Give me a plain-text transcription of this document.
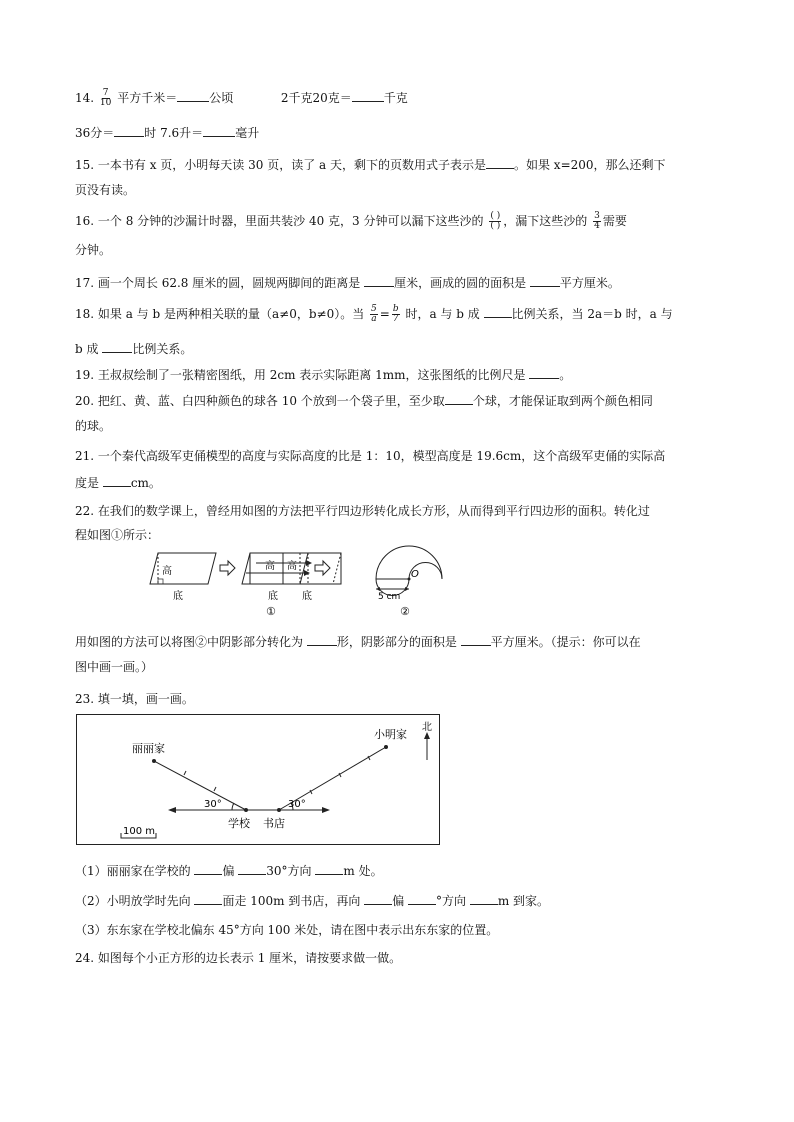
14. $\frac{7}{10}$ 平方千米＝	公顷	2千克20克＝	千克
36分＝	时 7.6升＝	毫升
15. 一本书有 x 页，小明每天读 30 页，读了 a 天，剩下的页数用式子表示是 。如果 x=200，那么还剩下
页没有读。
16. 一个 8 分钟的沙漏计时器，里面共装沙 40 克，3 分钟可以漏下这些沙的 $\frac{( )}{( )}$ ，漏下这些沙的 $\frac{3}{4}$ 需要
分钟。
17. 画一个周长 62.8 厘米的圆，圆规两脚间的距离是	厘米，画成的圆的面积是	平方厘米。
18. 如果 a 与 b 是两种相关联的量（a≠0，b≠0）。当 $\frac{5}{a} = \frac{b}{7}$ 时，a 与 b 成 比例关系，当 2a＝b 时，a 与
b 成	比例关系。
19. 王叔叔绘制了一张精密图纸，用 2cm 表示实际距离 1mm，这张图纸的比例尺是	。
20. 把红、黄、蓝、白四种颜色的球各 10 个放到一个袋子里，至少取 个球，才能保证取到两个颜色相同
的球。
21. 一个秦代高级军吏俑模型的高度与实际高度的比是 1：10，模型高度是 19.6cm，这个高级军吏俑的实际高
度是 cm。
22. 在我们的数学课上，曾经用如图的方法把平行四边形转化成长方形，从而得到平行四边形的面积。转化过
程如图①所示：
高
底
高
底
①
高
底
O
5 cm
②
用如图的方法可以将图②中阴影部分转化为	形，阴影部分的面积是	平方厘米。（提示：你可以在
图中画一画。）
23. 填一填，画一画。
北
30°	30°
丽丽家
小明家
学校 书店
100 m
（1）丽丽家在学校的 偏 30°方向 m 处。
（2）小明放学时先向 面走 100m 到书店，再向 偏 °方向 m 到家。
（3）东东家在学校北偏东 45°方向 100 米处，请在图中表示出东东家的位置。
24. 如图每个小正方形的边长表示 1 厘米，请按要求做一做。
